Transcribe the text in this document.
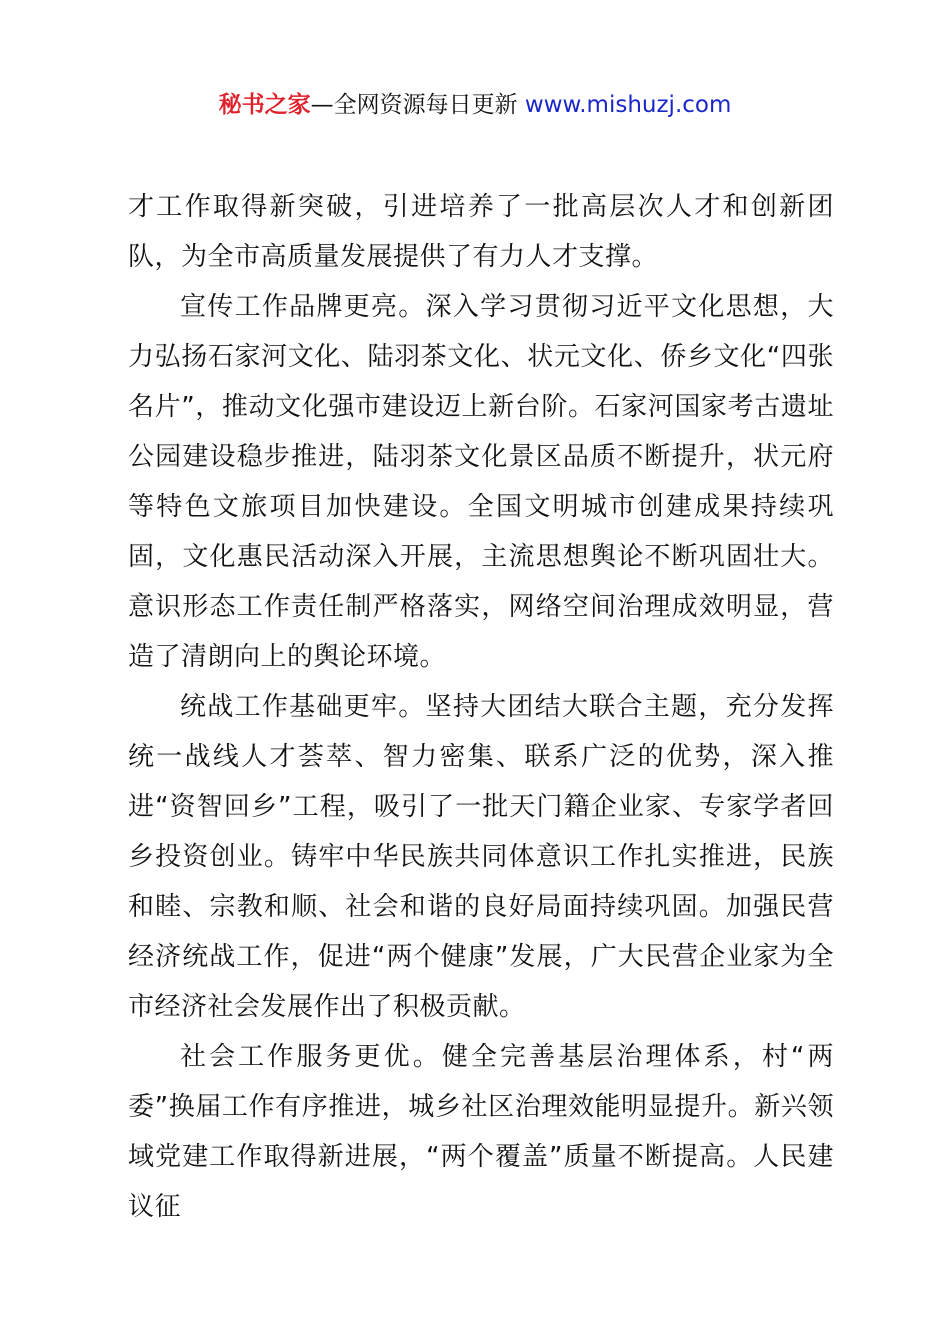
秘书之家—全网资源每日更新 www.mishuzj.com

才工作取得新突破，引进培养了一批高层次人才和创新团队，为全市高质量发展提供了有力人才支撑。

宣传工作品牌更亮。深入学习贯彻习近平文化思想，大力弘扬石家河文化、陆羽茶文化、状元文化、侨乡文化“四张名片”，推动文化强市建设迈上新台阶。石家河国家考古遗址公园建设稳步推进，陆羽茶文化景区品质不断提升，状元府等特色文旅项目加快建设。全国文明城市创建成果持续巩固，文化惠民活动深入开展，主流思想舆论不断巩固壮大。意识形态工作责任制严格落实，网络空间治理成效明显，营造了清朗向上的舆论环境。

统战工作基础更牢。坚持大团结大联合主题，充分发挥统一战线人才荟萃、智力密集、联系广泛的优势，深入推进“资智回乡”工程，吸引了一批天门籍企业家、专家学者回乡投资创业。铸牢中华民族共同体意识工作扎实推进，民族和睦、宗教和顺、社会和谐的良好局面持续巩固。加强民营经济统战工作，促进“两个健康”发展，广大民营企业家为全市经济社会发展作出了积极贡献。

社会工作服务更优。健全完善基层治理体系，村“两委”换届工作有序推进，城乡社区治理效能明显提升。新兴领域党建工作取得新进展，“两个覆盖”质量不断提高。人民建议征
